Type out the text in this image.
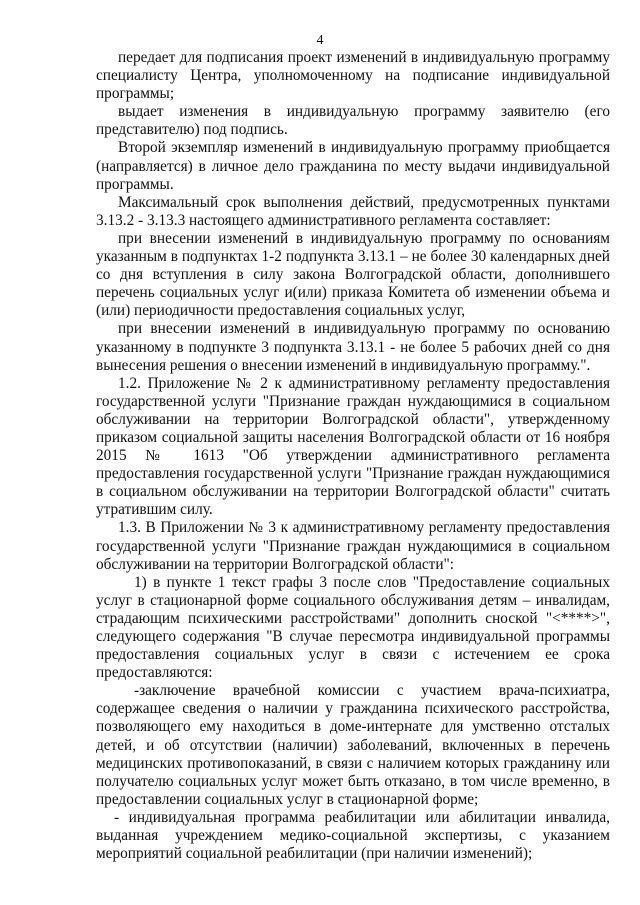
4

передает для подписания проект изменений в индивидуальную программу специалисту Центра, уполномоченному на подписание индивидуальной программы;

выдает изменения в индивидуальную программу заявителю (его представителю) под подпись.

Второй экземпляр изменений в индивидуальную программу приобщается (направляется) в личное дело гражданина по месту выдачи индивидуальной программы.

Максимальный срок выполнения действий, предусмотренных пунктами 3.13.2 - 3.13.3 настоящего административного регламента составляет:

при внесении изменений в индивидуальную программу по основаниям указанным в подпунктах 1-2 подпункта 3.13.1 – не более 30 календарных дней со дня вступления в силу закона Волгоградской области, дополнившего перечень социальных услуг и(или) приказа Комитета об изменении объема и (или) периодичности предоставления социальных услуг,

при внесении изменений в индивидуальную программу по основанию указанному в подпункте 3 подпункта 3.13.1 - не более 5 рабочих дней со дня вынесения решения о внесении изменений в индивидуальную программу.".

1.2. Приложение № 2 к административному регламенту предоставления государственной услуги "Признание граждан нуждающимися в социальном обслуживании на территории Волгоградской области", утвержденному приказом социальной защиты населения Волгоградской области от 16 ноября 2015 № 1613 "Об утверждении административного регламента предоставления государственной услуги "Признание граждан нуждающимися в социальном обслуживании на территории Волгоградской области" считать утратившим силу.

1.3. В Приложении № 3 к административному регламенту предоставления государственной услуги "Признание граждан нуждающимися в социальном обслуживании на территории Волгоградской области":

1) в пункте 1 текст графы 3 после слов "Предоставление социальных услуг в стационарной форме социального обслуживания детям – инвалидам, страдающим психическими расстройствами" дополнить сноской "<****>", следующего содержания "В случае пересмотра индивидуальной программы предоставления социальных услуг в связи с истечением ее срока предоставляются:

-заключение врачебной комиссии с участием врача-психиатра, содержащее сведения о наличии у гражданина психического расстройства, позволяющего ему находиться в доме-интернате для умственно отсталых детей, и об отсутствии (наличии) заболеваний, включенных в перечень медицинских противопоказаний, в связи с наличием которых гражданину или получателю социальных услуг может быть отказано, в том числе временно, в предоставлении социальных услуг в стационарной форме;

- индивидуальная программа реабилитации или абилитации инвалида, выданная учреждением медико-социальной экспертизы, с указанием мероприятий социальной реабилитации (при наличии изменений);
